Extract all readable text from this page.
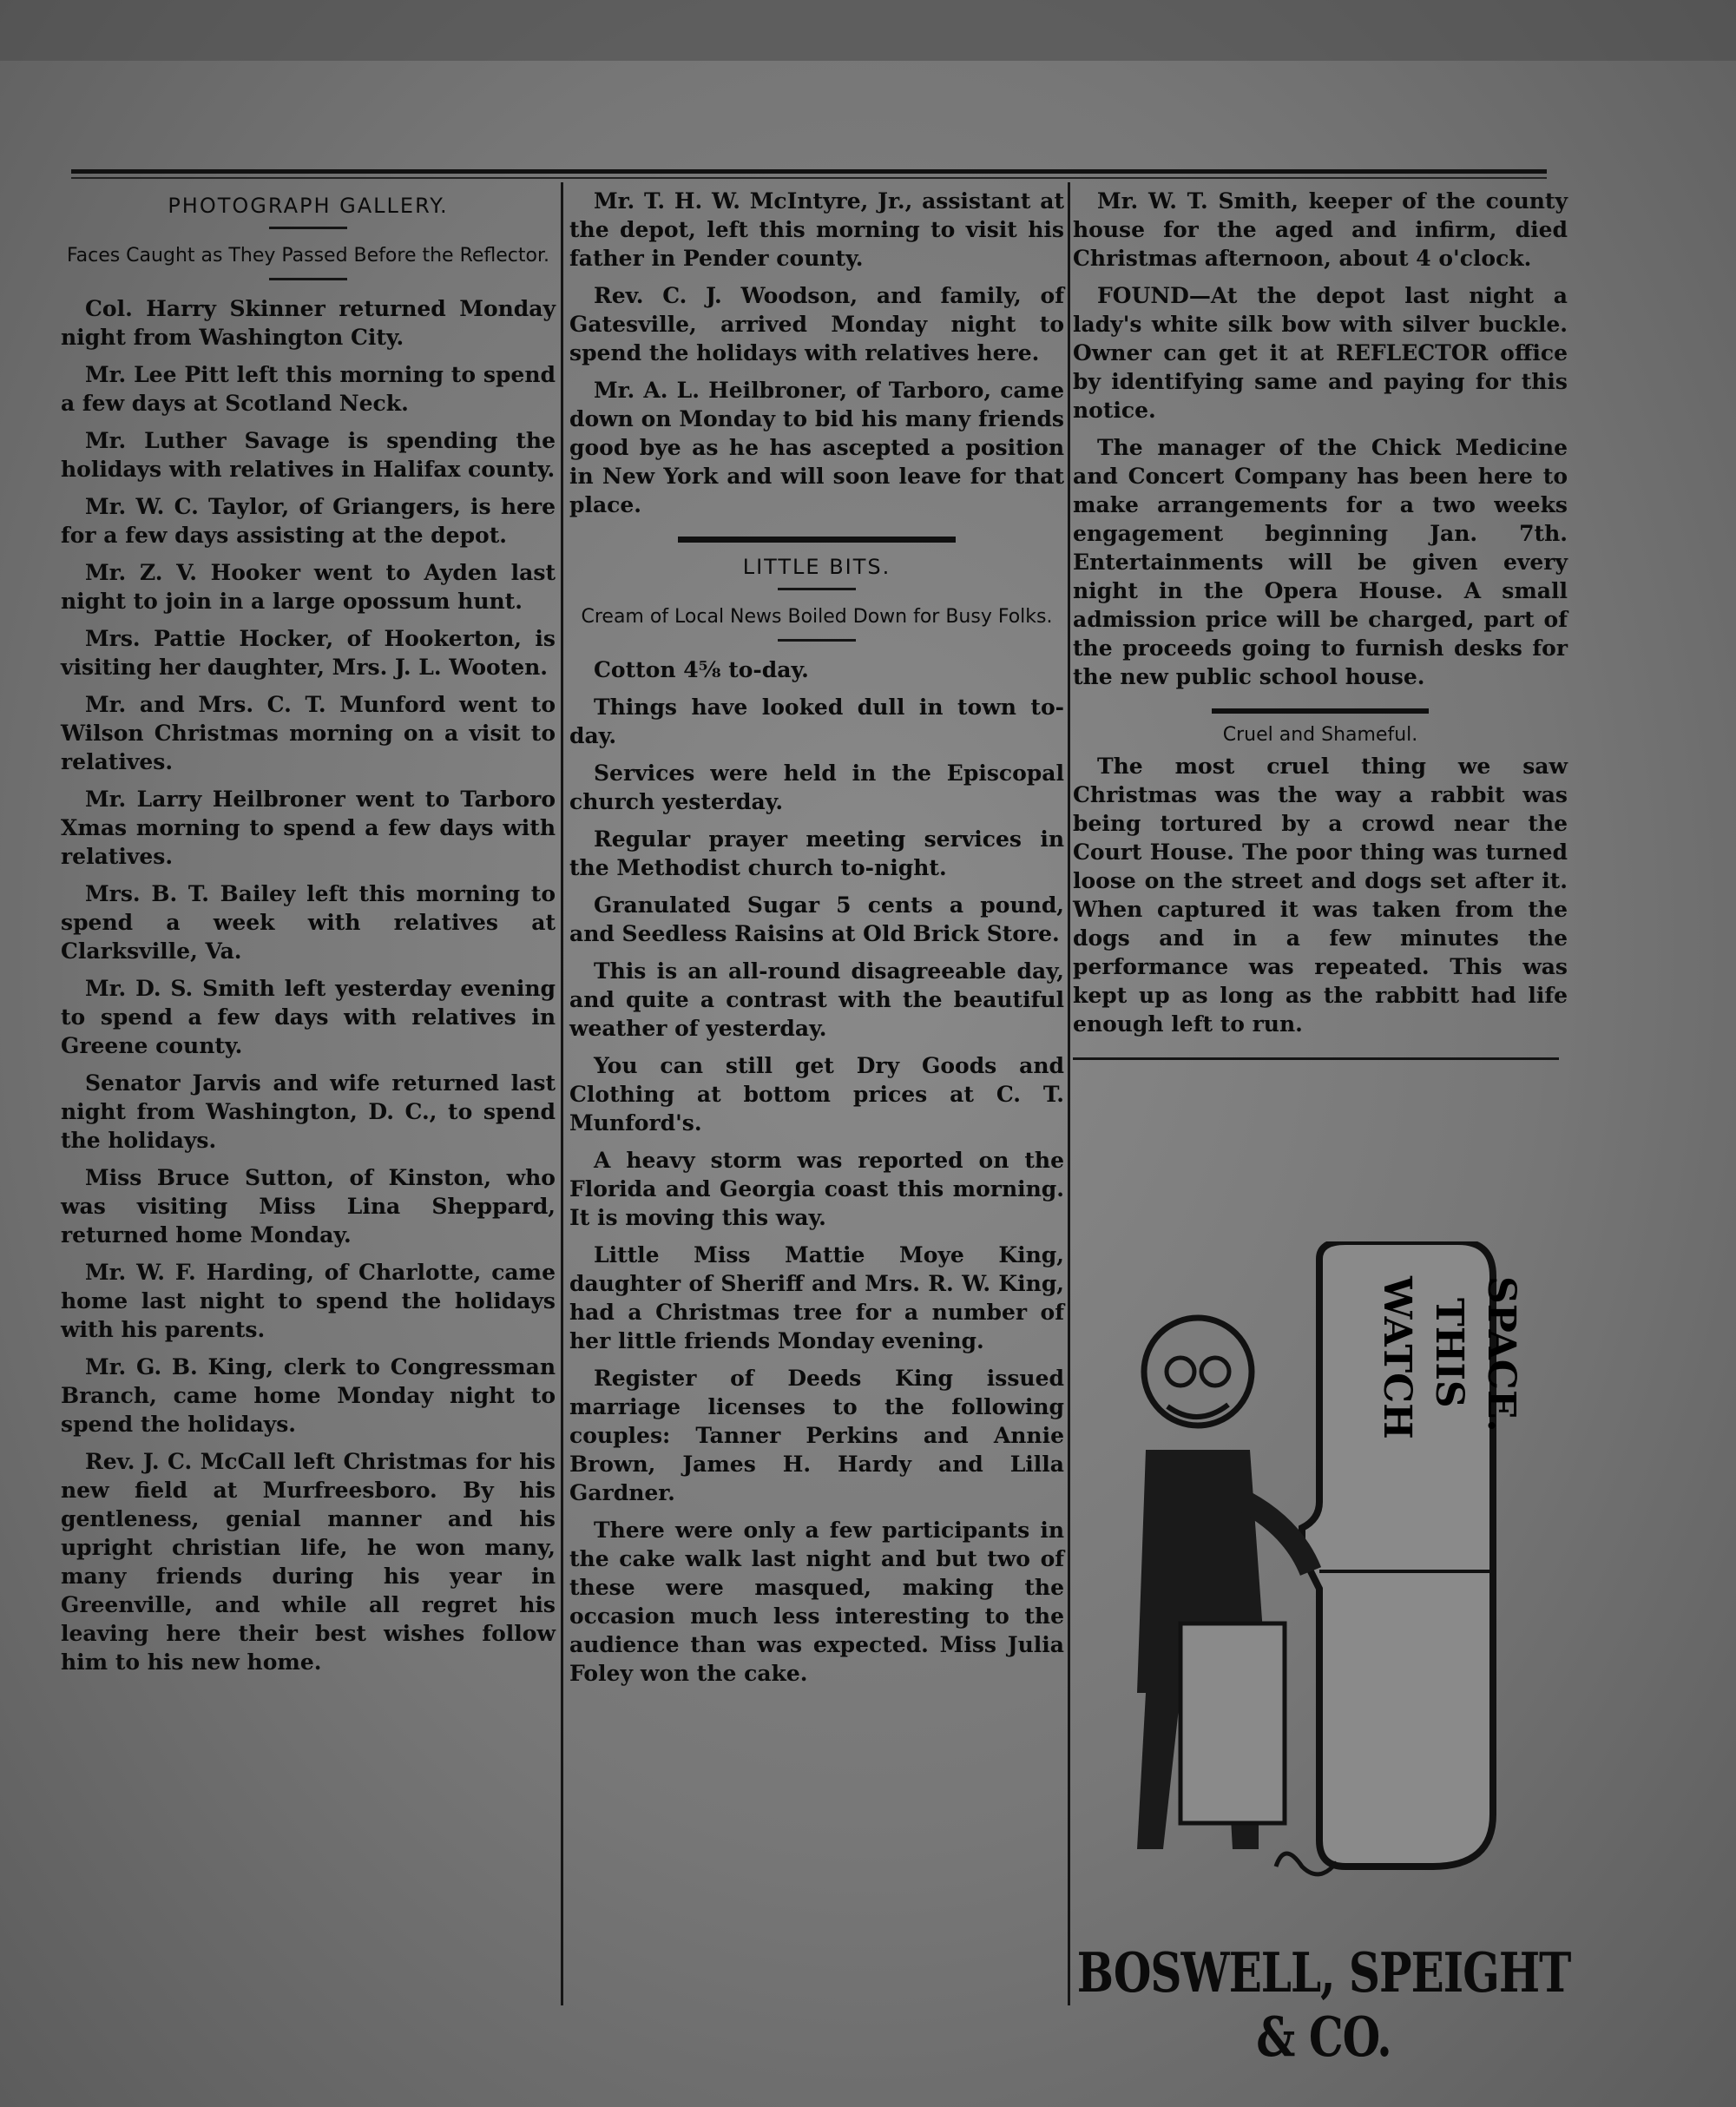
PHOTOGRAPH GALLERY.
Faces Caught as They Passed Before the Reflector.

Col. Harry Skinner returned Monday night from Washington City.

Mr. Lee Pitt left this morning to spend a few days at Scotland Neck.

Mr. Luther Savage is spending the holidays with relatives in Halifax county.

Mr. W. C. Taylor, of Griangers, is here for a few days assisting at the depot.

Mr. Z. V. Hooker went to Ayden last night to join in a large opossum hunt.

Mrs. Pattie Hocker, of Hookerton, is visiting her daughter, Mrs. J. L. Wooten.

Mr. and Mrs. C. T. Munford went to Wilson Christmas morning on a visit to relatives.

Mr. Larry Heilbroner went to Tarboro Xmas morning to spend a few days with relatives.

Mrs. B. T. Bailey left this morning to spend a week with relatives at Clarksville, Va.

Mr. D. S. Smith left yesterday evening to spend a few days with relatives in Greene county.

Senator Jarvis and wife returned last night from Washington, D. C., to spend the holidays.

Miss Bruce Sutton, of Kinston, who was visiting Miss Lina Sheppard, returned home Monday.

Mr. W. F. Harding, of Charlotte, came home last night to spend the holidays with his parents.

Mr. G. B. King, clerk to Congressman Branch, came home Monday night to spend the holidays.

Rev. J. C. McCall left Christmas for his new field at Murfreesboro. By his gentleness, genial manner and his upright christian life, he won many, many friends during his year in Greenville, and while all regret his leaving here their best wishes follow him to his new home.

Mr. T. H. W. McIntyre, Jr., assistant at the depot, left this morning to visit his father in Pender county.

Rev. C. J. Woodson, and family, of Gatesville, arrived Monday night to spend the holidays with relatives here.

Mr. A. L. Heilbroner, of Tarboro, came down on Monday to bid his many friends good bye as he has ascepted a position in New York and will soon leave for that place.

LITTLE BITS.
Cream of Local News Boiled Down for Busy Folks.

Cotton 4⅝ to-day.

Things have looked dull in town to-day.

Services were held in the Episcopal church yesterday.

Regular prayer meeting services in the Methodist church to-night.

Granulated Sugar 5 cents a pound, and Seedless Raisins at Old Brick Store.

This is an all-round disagreeable day, and quite a contrast with the beautiful weather of yesterday.

You can still get Dry Goods and Clothing at bottom prices at C. T. Munford's.

A heavy storm was reported on the Florida and Georgia coast this morning. It is moving this way.

Little Miss Mattie Moye King, daughter of Sheriff and Mrs. R. W. King, had a Christmas tree for a number of her little friends Monday evening.

Register of Deeds King issued marriage licenses to the following couples: Tanner Perkins and Annie Brown, James H. Hardy and Lilla Gardner.

There were only a few participants in the cake walk last night and but two of these were masqued, making the occasion much less interesting to the audience than was expected. Miss Julia Foley won the cake.

Mr. W. T. Smith, keeper of the county house for the aged and infirm, died Christmas afternoon, about 4 o'clock.

FOUND—At the depot last night a lady's white silk bow with silver buckle. Owner can get it at REFLECTOR office by identifying same and paying for this notice.

The manager of the Chick Medicine and Concert Company has been here to make arrangements for a two weeks engagement beginning Jan. 7th. Entertainments will be given every night in the Opera House. A small admission price will be charged, part of the proceeds going to furnish desks for the new public school house.

Cruel and Shameful.

The most cruel thing we saw Christmas was the way a rabbit was being tortured by a crowd near the Court House. The poor thing was turned loose on the street and dogs set after it. When captured it was taken from the dogs and in a few minutes the performance was repeated. This was kept up as long as the rabbitt had life enough left to run.

WATCH THIS SPACE.
BOSWELL, SPEIGHT & CO.
